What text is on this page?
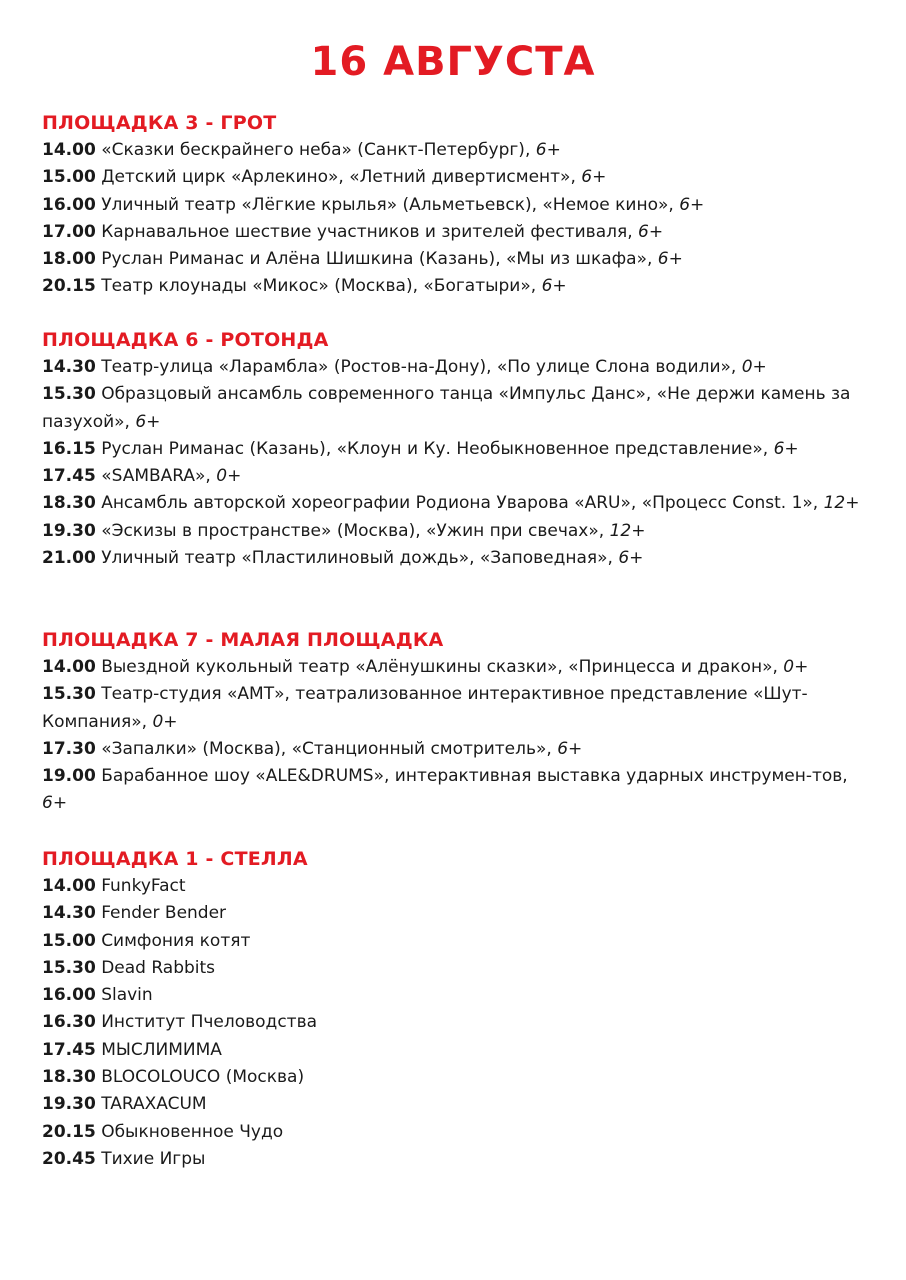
16 АВГУСТА
ПЛОЩАДКА 3 - ГРОТ

14.00 «Сказки бескрайнего неба» (Санкт-Петербург), 6+

15.00 Детский цирк «Арлекино», «Летний дивертисмент», 6+

16.00 Уличный театр «Лёгкие крылья» (Альметьевск), «Немое кино», 6+

17.00 Карнавальное шествие участников и зрителей фестиваля, 6+

18.00 Руслан Риманас и Алёна Шишкина (Казань), «Мы из шкафа», 6+

20.15 Театр клоунады «Микос» (Москва), «Богатыри», 6+

ПЛОЩАДКА 6 - РОТОНДА

14.30 Театр-улица «Ларамбла» (Ростов-на-Дону), «По улице Слона водили», 0+

15.30 Образцовый ансамбль современного танца «Импульс Данс», «Не держи камень за пазухой», 6+

16.15 Руслан Риманас (Казань), «Клоун и Ку. Необыкновенное представление», 6+

17.45 «SAMBARA», 0+

18.30 Ансамбль авторской хореографии Родиона Уварова «ARU», «Процесс Const. 1», 12+

19.30 «Эскизы в пространстве» (Москва), «Ужин при свечах», 12+

21.00 Уличный театр «Пластилиновый дождь», «Заповедная», 6+

ПЛОЩАДКА 7 - МАЛАЯ ПЛОЩАДКА

14.00 Выездной кукольный театр «Алёнушкины сказки», «Принцесса и дракон», 0+

15.30 Театр-студия «АМТ», театрализованное интерактивное представление «Шут-Компания», 0+

17.30 «Запалки» (Москва), «Станционный смотритель», 6+

19.00 Барабанное шоу «ALE&DRUMS», интерактивная выставка ударных инструмен-тов, 6+

ПЛОЩАДКА 1 - СТЕЛЛА

14.00 FunkyFact

14.30 Fender Bender

15.00 Симфония котят

15.30 Dead Rabbits

16.00 Slavin

16.30 Институт Пчеловодства

17.45 МЫСЛИМИМА

18.30 BLOCOLOUCO (Москва)

19.30 TARAXACUM

20.15 Обыкновенное Чудо

20.45 Тихие Игры
